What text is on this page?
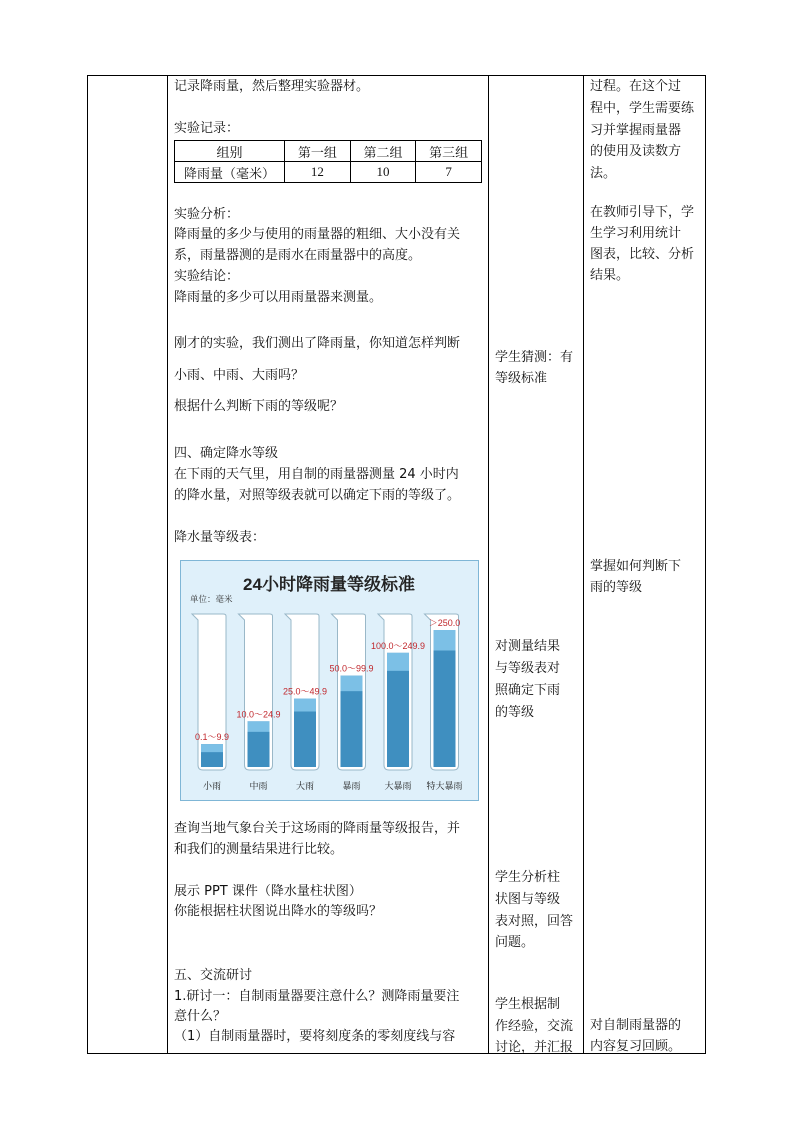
记录降雨量，然后整理实验器材。
实验记录：
组别	第一组	第二组	第三组
降雨量（毫米）	12	10	7
实验分析：
降雨量的多少与使用的雨量器的粗细、大小没有关
系，雨量器测的是雨水在雨量器中的高度。
实验结论：
降雨量的多少可以用雨量器来测量。
刚才的实验，我们测出了降雨量，你知道怎样判断
小雨、中雨、大雨吗？
根据什么判断下雨的等级呢？
四、确定降水等级
在下雨的天气里，用自制的雨量器测量 24 小时内
的降水量，对照等级表就可以确定下雨的等级了。
降水量等级表：
24小时降雨量等级标准
单位：毫米
0.1～9.9
小雨
10.0～24.9
中雨
25.0～49.9
大雨
50.0～99.9
暴雨
100.0～249.9
大暴雨
＞250.0
特大暴雨
查询当地气象台关于这场雨的降雨量等级报告，并
和我们的测量结果进行比较。
展示 PPT 课件（降水量柱状图）
你能根据柱状图说出降水的等级吗？
五、交流研讨
1.研讨一：自制雨量器要注意什么？测降雨量要注
意什么？
（1）自制雨量器时，要将刻度条的零刻度线与容
学生猜测：有
等级标准
对测量结果
与等级表对
照确定下雨
的等级
学生分析柱
状图与等级
表对照，回答
问题。
学生根据制
作经验，交流
讨论，并汇报
过程。在这个过
程中，学生需要练
习并掌握雨量器
的使用及读数方
法。
在教师引导下，学
生学习利用统计
图表，比较、分析
结果。
掌握如何判断下
雨的等级
对自制雨量器的
内容复习回顾。
